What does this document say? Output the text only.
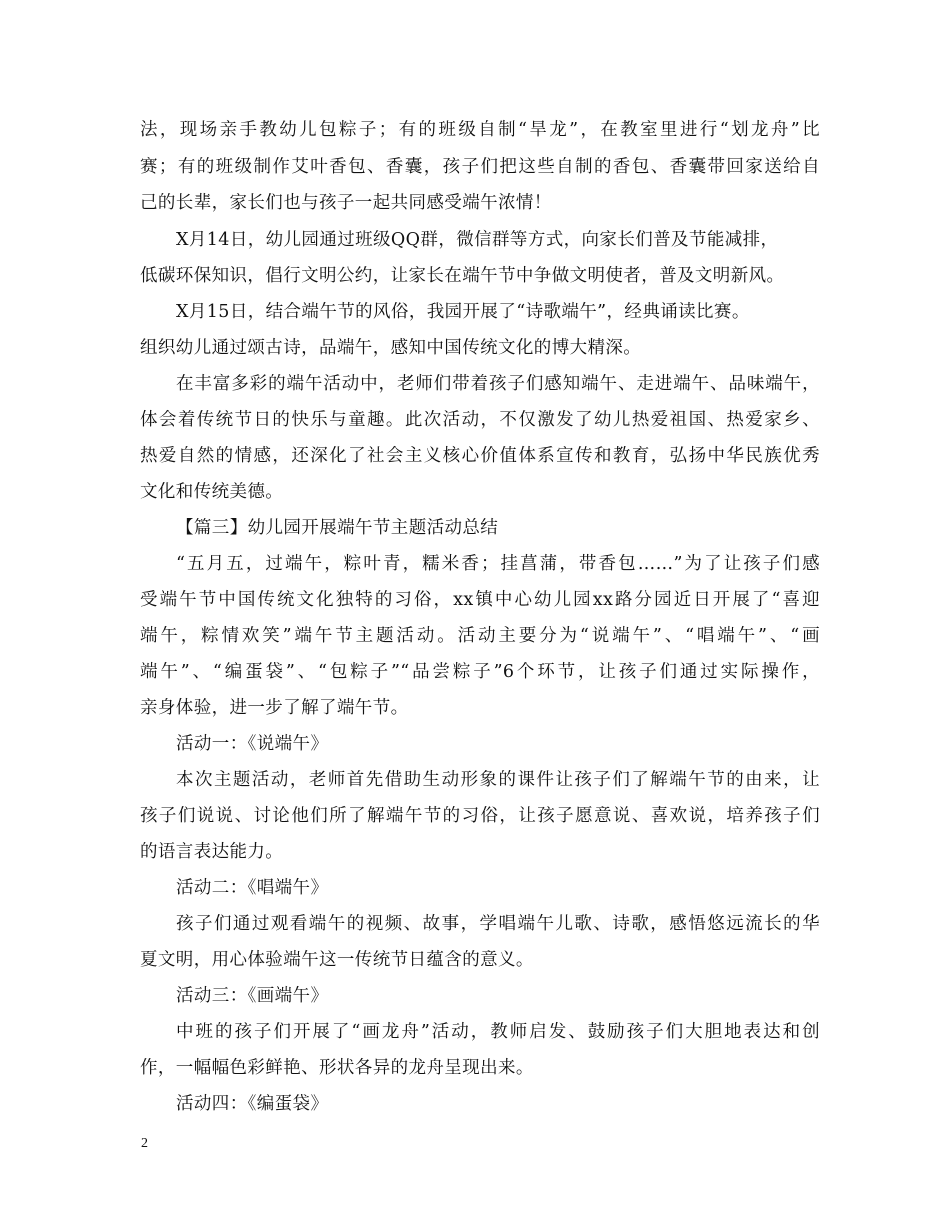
法，现场亲手教幼儿包粽子；有的班级自制“旱龙”，在教室里进行“划龙舟”比
赛；有的班级制作艾叶香包、香囊，孩子们把这些自制的香包、香囊带回家送给自
己的长辈，家长们也与孩子一起共同感受端午浓情！
X月14日，幼儿园通过班级QQ群，微信群等方式，向家长们普及节能减排，
低碳环保知识，倡行文明公约，让家长在端午节中争做文明使者，普及文明新风。
X月15日，结合端午节的风俗，我园开展了“诗歌端午”，经典诵读比赛。
组织幼儿通过颂古诗，品端午，感知中国传统文化的博大精深。
在丰富多彩的端午活动中，老师们带着孩子们感知端午、走进端午、品味端午，
体会着传统节日的快乐与童趣。此次活动，不仅激发了幼儿热爱祖国、热爱家乡、
热爱自然的情感，还深化了社会主义核心价值体系宣传和教育，弘扬中华民族优秀
文化和传统美德。
【篇三】幼儿园开展端午节主题活动总结
“五月五，过端午，粽叶青，糯米香；挂菖蒲，带香包……”为了让孩子们感
受端午节中国传统文化独特的习俗，xx镇中心幼儿园xx路分园近日开展了“喜迎
端午，粽情欢笑”端午节主题活动。活动主要分为“说端午”、“唱端午”、“画
端午”、“编蛋袋”、“包粽子”“品尝粽子”6个环节，让孩子们通过实际操作，
亲身体验，进一步了解了端午节。
活动一：《说端午》
本次主题活动，老师首先借助生动形象的课件让孩子们了解端午节的由来，让
孩子们说说、讨论他们所了解端午节的习俗，让孩子愿意说、喜欢说，培养孩子们
的语言表达能力。
活动二：《唱端午》
孩子们通过观看端午的视频、故事，学唱端午儿歌、诗歌，感悟悠远流长的华
夏文明，用心体验端午这一传统节日蕴含的意义。
活动三：《画端午》
中班的孩子们开展了“画龙舟”活动，教师启发、鼓励孩子们大胆地表达和创
作，一幅幅色彩鲜艳、形状各异的龙舟呈现出来。
活动四：《编蛋袋》
2
